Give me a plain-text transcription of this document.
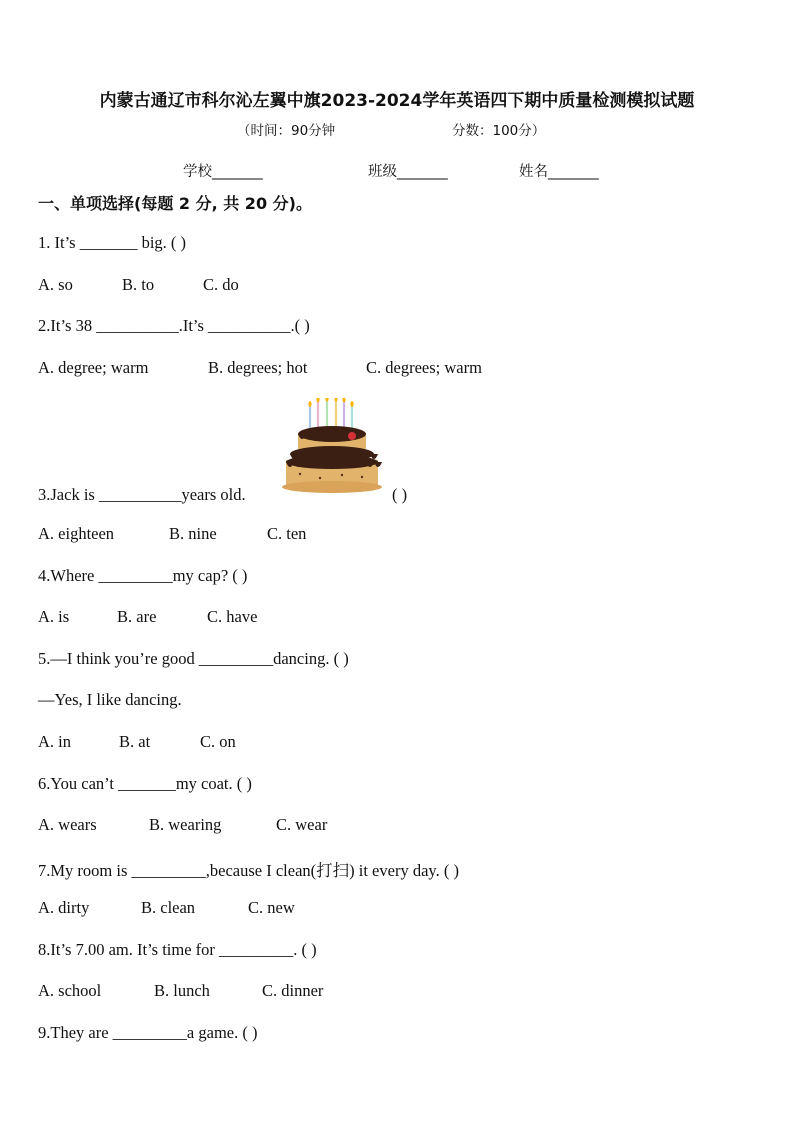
内蒙古通辽市科尔沁左翼中旗2023-2024学年英语四下期中质量检测模拟试题
（时间：90分钟	分数：100分）
学校_______	班级_______	姓名_______
一、单项选择(每题 2 分, 共 20 分)。
1. It’s _______ big. ( )
A. so	B. to	C. do
2.It’s 38 __________.It’s __________.( )
A. degree; warm	B. degrees; hot	C. degrees; warm
3.Jack is __________years old.	( )
A. eighteen	B. nine	C. ten
4.Where _________my cap? ( )
A. is	B. are	C. have
5.—I think you’re good _________dancing. ( )
—Yes, I like dancing.
A. in	B. at	C. on
6.You can’t _______my coat. ( )
A. wears	B. wearing	C. wear
7.My room is _________,because I clean(打扫) it every day. ( )
A. dirty	B. clean	C. new
8.It’s 7.00 am. It’s time for _________. ( )
A. school	B. lunch	C. dinner
9.They are _________a game. ( )
